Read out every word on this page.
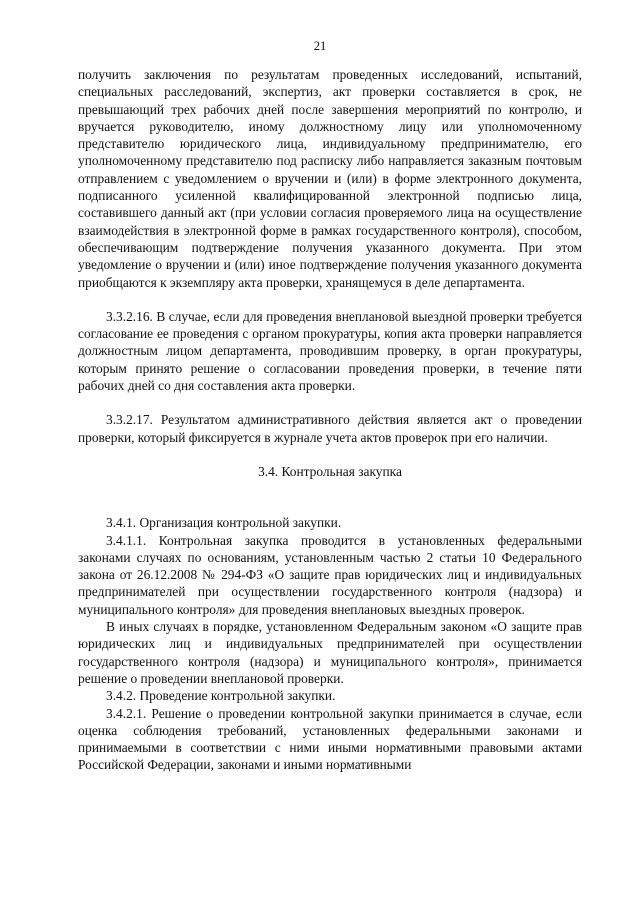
21

получить заключения по результатам проведенных исследований, испытаний, специальных расследований, экспертиз, акт проверки составляется в срок, не превышающий трех рабочих дней после завершения мероприятий по контролю, и вручается руководителю, иному должностному лицу или уполномоченному представителю юридического лица, индивидуальному предпринимателю, его уполномоченному представителю под расписку либо направляется заказным почтовым отправлением с уведомлением о вручении и (или) в форме электронного документа, подписанного усиленной квалифицированной электронной подписью лица, составившего данный акт (при условии согласия проверяемого лица на осуществление взаимодействия в электронной форме в рамках государственного контроля), способом, обеспечивающим подтверждение получения указанного документа. При этом уведомление о вручении и (или) иное подтверждение получения указанного документа приобщаются к экземпляру акта проверки, хранящемуся в деле департамента.

3.3.2.16. В случае, если для проведения внеплановой выездной проверки требуется согласование ее проведения с органом прокуратуры, копия акта проверки направляется должностным лицом департамента, проводившим проверку, в орган прокуратуры, которым принято решение о согласовании проведения проверки, в течение пяти рабочих дней со дня составления акта проверки.

3.3.2.17. Результатом административного действия является акт о проведении проверки, который фиксируется в журнале учета актов проверок при его наличии.

3.4. Контрольная закупка

3.4.1. Организация контрольной закупки.

3.4.1.1. Контрольная закупка проводится в установленных федеральными законами случаях по основаниям, установленным частью 2 статьи 10 Федерального закона от 26.12.2008 № 294-ФЗ «О защите прав юридических лиц и индивидуальных предпринимателей при осуществлении государственного контроля (надзора) и муниципального контроля» для проведения внеплановых выездных проверок.

В иных случаях в порядке, установленном Федеральным законом «О защите прав юридических лиц и индивидуальных предпринимателей при осуществлении государственного контроля (надзора) и муниципального контроля», принимается решение о проведении внеплановой проверки.

3.4.2. Проведение контрольной закупки.

3.4.2.1. Решение о проведении контрольной закупки принимается в случае, если оценка соблюдения требований, установленных федеральными законами и принимаемыми в соответствии с ними иными нормативными правовыми актами Российской Федерации, законами и иными нормативными
